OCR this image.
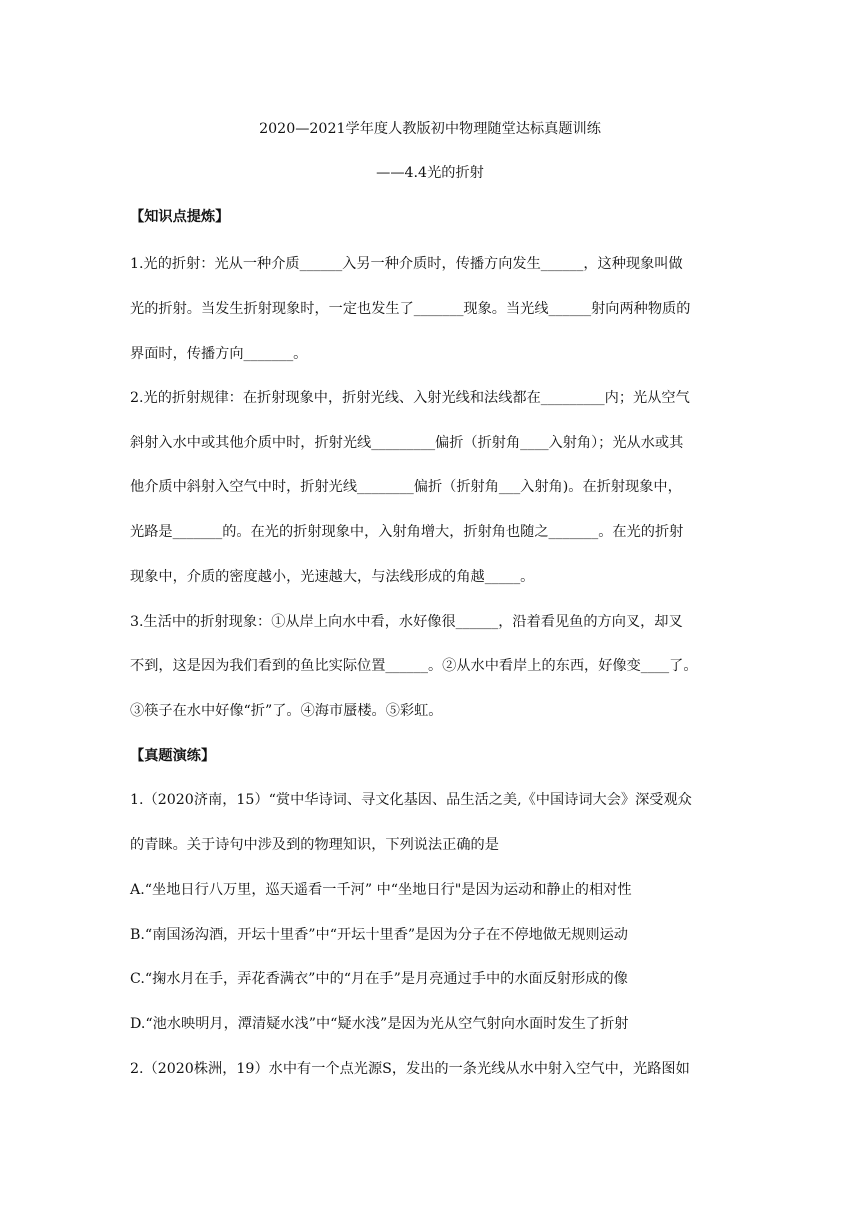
2020—2021学年度人教版初中物理随堂达标真题训练
——4.4光的折射
【知识点提炼】
1.光的折射：光从一种介质______入另一种介质时，传播方向发生______，这种现象叫做
光的折射。当发生折射现象时，一定也发生了_______现象。当光线______射向两种物质的
界面时，传播方向_______。
2.光的折射规律：在折射现象中，折射光线、入射光线和法线都在_________内；光从空气
斜射入水中或其他介质中时，折射光线_________偏折（折射角____入射角）；光从水或其
他介质中斜射入空气中时，折射光线________偏折（折射角___入射角)。在折射现象中，
光路是_______的。在光的折射现象中，入射角增大，折射角也随之_______。在光的折射
现象中，介质的密度越小，光速越大，与法线形成的角越_____。
3.生活中的折射现象：①从岸上向水中看，水好像很______，沿着看见鱼的方向叉，却叉
不到，这是因为我们看到的鱼比实际位置______。②从水中看岸上的东西，好像变____了。
③筷子在水中好像“折”了。④海市蜃楼。⑤彩虹。
【真题演练】
1.（2020济南，15）“赏中华诗词、寻文化基因、品生活之美,《中国诗词大会》深受观众
的青睐。关于诗句中涉及到的物理知识，下列说法正确的是
A.“坐地日行八万里，巡天遥看一千河” 中“坐地日行"是因为运动和静止的相对性
B.“南国汤沟酒，开坛十里香”中“开坛十里香”是因为分子在不停地做无规则运动
C.“掬水月在手，弄花香满衣”中的“月在手”是月亮通过手中的水面反射形成的像
D.“池水映明月，潭清疑水浅”中“疑水浅”是因为光从空气射向水面时发生了折射
2.（2020株洲，19）水中有一个点光源S，发出的一条光线从水中射入空气中，光路图如
